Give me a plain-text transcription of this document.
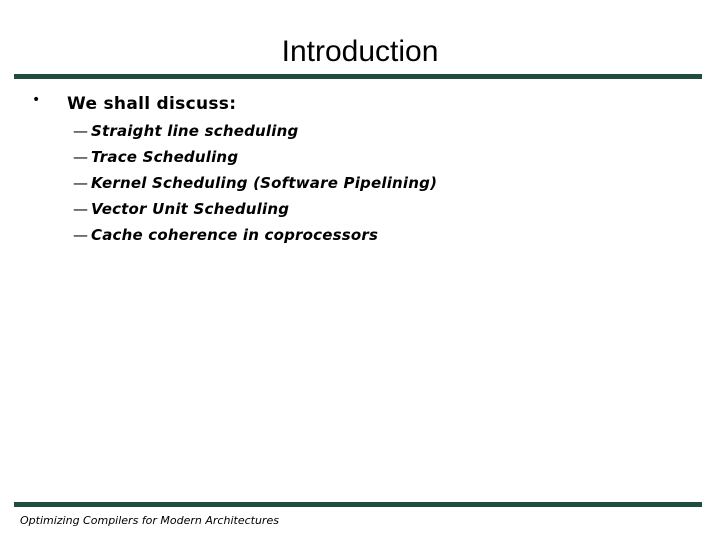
Introduction
• We shall discuss:
— Straight line scheduling
— Trace Scheduling
— Kernel Scheduling (Software Pipelining)
— Vector Unit Scheduling
— Cache coherence in coprocessors
Optimizing Compilers for Modern Architectures
